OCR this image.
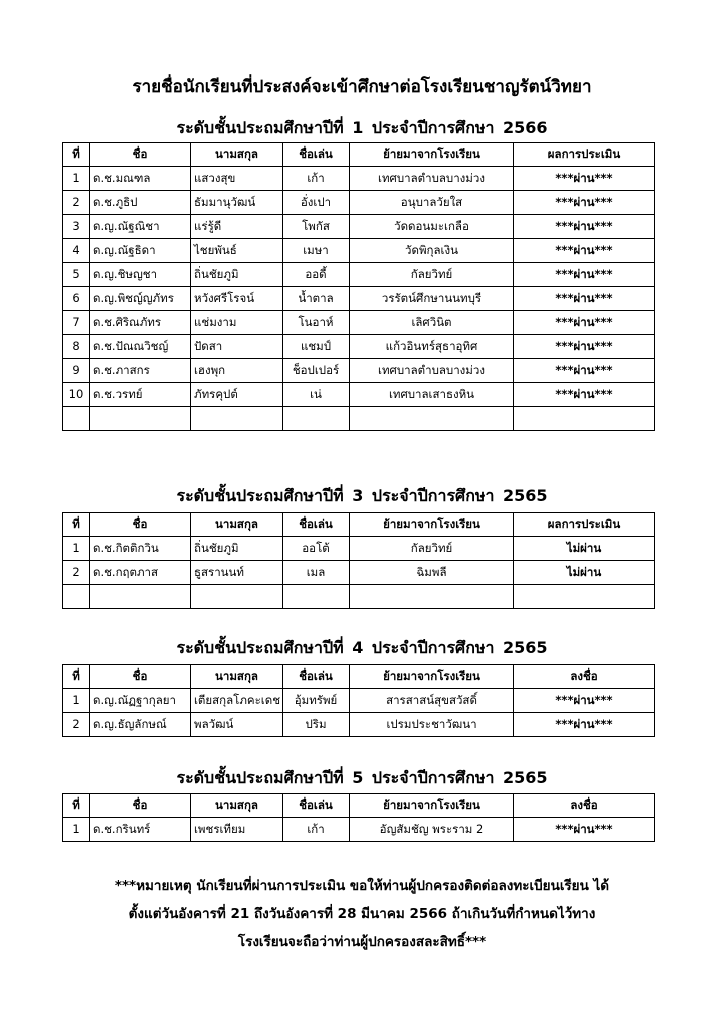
รายชื่อนักเรียนที่ประสงค์จะเข้าศึกษาต่อโรงเรียนชาญรัตน์วิทยา
ระดับชั้นประถมศึกษาปีที่ 1 ประจำปีการศึกษา 2566
ที่	ชื่อ	นามสกุล	ชื่อเล่น	ย้ายมาจากโรงเรียน	ผลการประเมิน
1	ด.ช.มณฑล	แสวงสุข	เก้า	เทศบาลตำบลบางม่วง	***ผ่าน***
2	ด.ช.ภูธิป	ธัมมานุวัฒน์	อั่งเปา	อนุบาลวัยใส	***ผ่าน***
3	ด.ญ.ณัฐณิชา	แร่รู้ดี	โพกัส	วัดดอนมะเกลือ	***ผ่าน***
4	ด.ญ.ณัฐธิดา	ไชยพันธ์	เมษา	วัดพิกุลเงิน	***ผ่าน***
5	ด.ญ.ชิษญชา	ถิ่นชัยภูมิ	ออดี้	กัลยวิทย์	***ผ่าน***
6	ด.ญ.พิชญ์ญภัทร	หวังศรีโรจน์	น้ำตาล	วรรัตน์ศึกษานนทบุรี	***ผ่าน***
7	ด.ช.ศิริณภัทร	แช่มงาม	โนอาห์	เลิศวินิต	***ผ่าน***
8	ด.ช.ปัณณวิชญ์	ปัดสา	แชมป์	แก้วอินทร์สุธาอุทิศ	***ผ่าน***
9	ด.ช.ภาสกร	เฮงพุก	ช็อปเปอร์	เทศบาลตำบลบางม่วง	***ผ่าน***
10	ด.ช.วรทย์	ภัทรคุปต์	เน่	เทศบาลเสาธงหิน	***ผ่าน***

ระดับชั้นประถมศึกษาปีที่ 3 ประจำปีการศึกษา 2565
ที่	ชื่อ	นามสกุล	ชื่อเล่น	ย้ายมาจากโรงเรียน	ผลการประเมิน
1	ด.ช.กิตติกวิน	ถิ่นชัยภูมิ	ออโต้	กัลยวิทย์	ไม่ผ่าน
2	ด.ช.กฤตภาส	ธูสรานนท์	เมล	ฉิมพลี	ไม่ผ่าน

ระดับชั้นประถมศึกษาปีที่ 4 ประจำปีการศึกษา 2565
ที่	ชื่อ	นามสกุล	ชื่อเล่น	ย้ายมาจากโรงเรียน	ลงชื่อ
1	ด.ญ.ณัฏฐากุลยา	เตียสกุลโภคะเดช	อุ้มทรัพย์	สารสาสน์สุขสวัสดิ์	***ผ่าน***
2	ด.ญ.ธัญลักษณ์	พลวัฒน์	ปริม	เปรมประชาวัฒนา	***ผ่าน***
ระดับชั้นประถมศึกษาปีที่ 5 ประจำปีการศึกษา 2565
ที่	ชื่อ	นามสกุล	ชื่อเล่น	ย้ายมาจากโรงเรียน	ลงชื่อ
1	ด.ช.กรินทร์	เพชรเทียม	เก้า	อัญสัมชัญ พระราม 2	***ผ่าน***
***หมายเหตุ นักเรียนที่ผ่านการประเมิน ขอให้ท่านผู้ปกครองติดต่อลงทะเบียนเรียน ได้
ตั้งแต่วันอังคารที่ 21 ถึงวันอังคารที่ 28 มีนาคม 2566 ถ้าเกินวันที่กำหนดไว้ทาง
โรงเรียนจะถือว่าท่านผู้ปกครองสละสิทธิ์***
